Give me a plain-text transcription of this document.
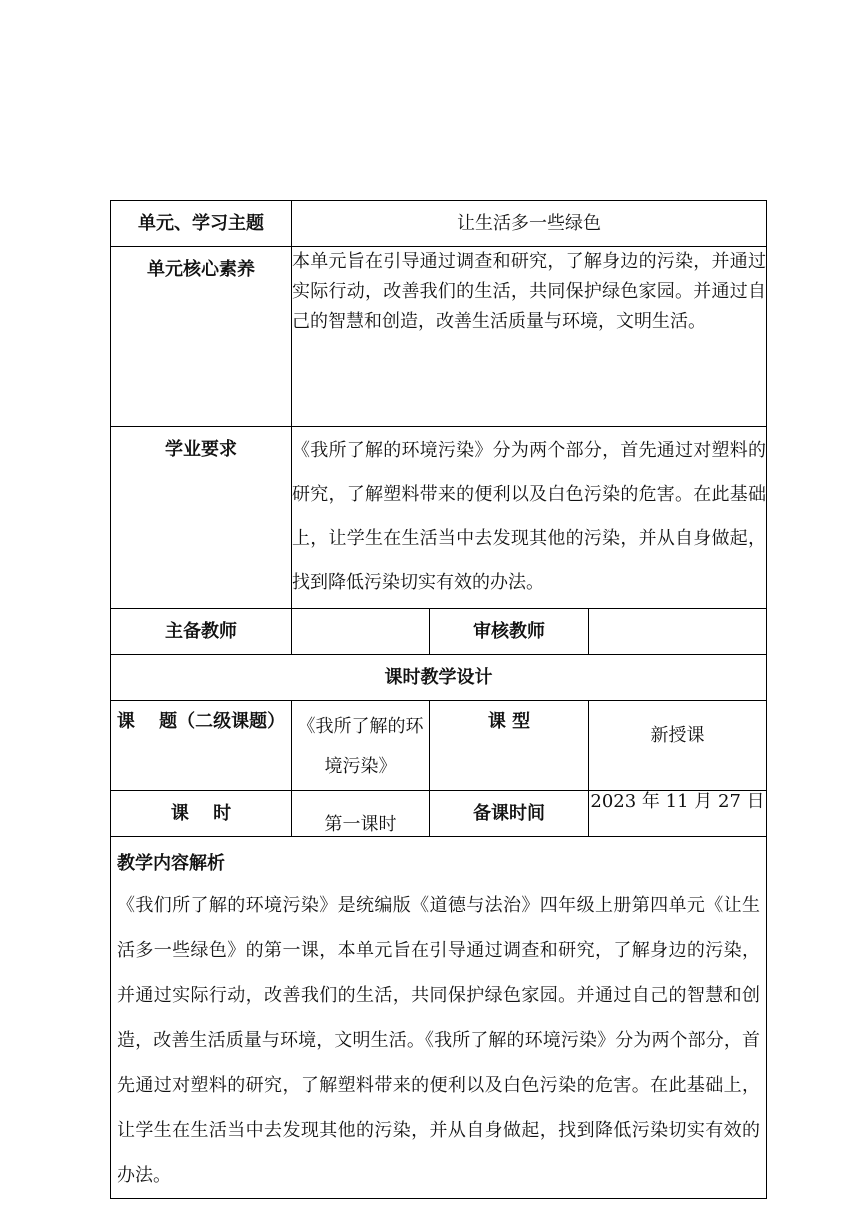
单元、学习主题	让生活多一些绿色		
单元核心素养	本单元旨在引导通过调查和研究，了解身边的污染，并通过实际行动，改善我们的生活，共同保护绿色家园。并通过自己的智慧和创造，改善生活质量与环境，文明生活。		
学业要求	《我所了解的环境污染》分为两个部分，首先通过对塑料的研究，了解塑料带来的便利以及白色污染的危害。在此基础上，让学生在生活当中去发现其他的污染，并从自身做起，找到降低污染切实有效的办法。		
主备教师		审核教师	
课时教学设计			
课　 题（二级课题）	《我所了解的环境污染》	课 型	新授课
课　 时	第一课时	备课时间	2023 年 11 月 27 日

教学内容解析
《我们所了解的环境污染》是统编版《道德与法治》四年级上册第四单元《让生活多一些绿色》的第一课，本单元旨在引导通过调查和研究，了解身边的污染，并通过实际行动，改善我们的生活，共同保护绿色家园。并通过自己的智慧和创造，改善生活质量与环境，文明生活。《我所了解的环境污染》分为两个部分，首先通过对塑料的研究，了解塑料带来的便利以及白色污染的危害。在此基础上，让学生在生活当中去发现其他的污染，并从自身做起，找到降低污染切实有效的办法。			
